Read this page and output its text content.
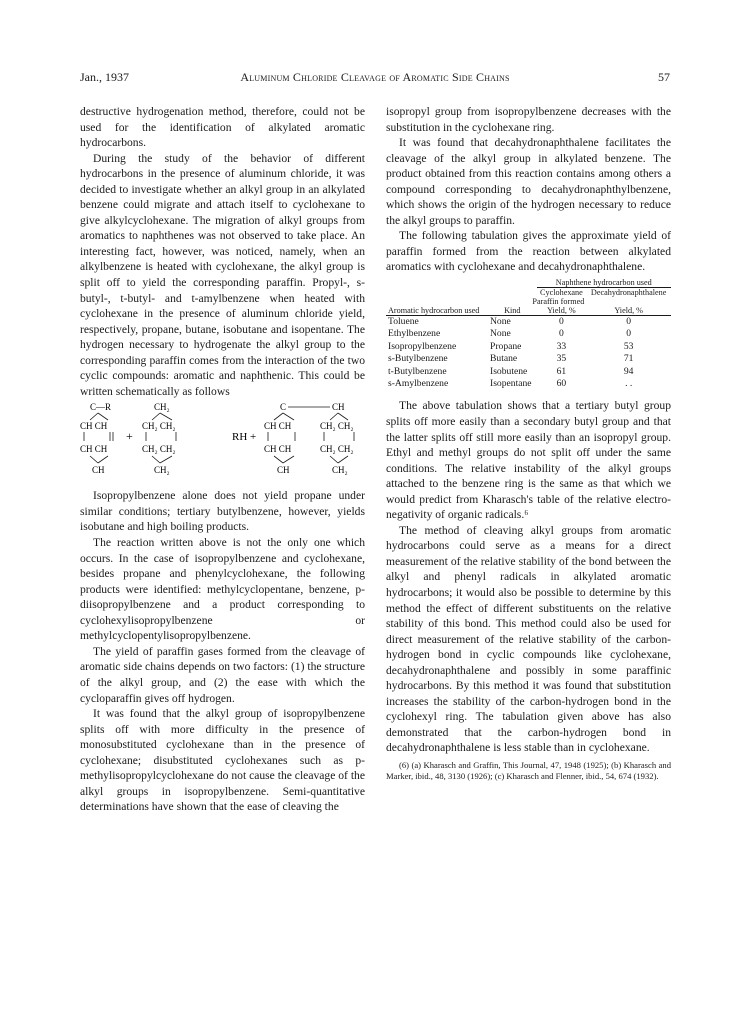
Jan., 1937	Aluminum Chloride Cleavage of Aromatic Side Chains	57

destructive hydrogenation method, therefore, could not be used for the identification of alkylated aromatic hydrocarbons.

During the study of the behavior of different hydrocarbons in the presence of aluminum chloride, it was decided to investigate whether an alkyl group in an alkylated benzene could migrate and attach itself to cyclohexane to give alkylcyclohexane. The migration of alkyl groups from aromatics to naphthenes was not observed to take place. An interesting fact, however, was noticed, namely, when an alkylbenzene is heated with cyclohexane, the alkyl group is split off to yield the corresponding paraffin. Propyl-, s-butyl-, t-butyl- and t-amylbenzene when heated with cyclohexane in the presence of aluminum chloride yield, respectively, propane, butane, isobutane and isopentane. The hydrogen necessary to hydrogenate the alkyl group to the corresponding paraffin comes from the interaction of the two cyclic compounds: aromatic and naphthenic. This could be written schematically as follows

C—R
CH CH
CH CH
CH
+
CH₂
CH₂ CH₂
CH₂ CH₂
CH₂
RH +
C
CH CH
CH CH
CH
CH
CH₂ CH₂
CH₂ CH₂
CH₂

Isopropylbenzene alone does not yield propane under similar conditions; tertiary butylbenzene, however, yields isobutane and high boiling products.

The reaction written above is not the only one which occurs. In the case of isopropylbenzene and cyclohexane, besides propane and phenylcyclohexane, the following products were identified: methylcyclopentane, benzene, p-diisopropylbenzene and a product corresponding to cyclohexylisopropylbenzene or methylcyclopentylisopropylbenzene.

The yield of paraffin gases formed from the cleavage of aromatic side chains depends on two factors: (1) the structure of the alkyl group, and (2) the ease with which the cycloparaffin gives off hydrogen.

It was found that the alkyl group of isopropylbenzene splits off with more difficulty in the presence of monosubstituted cyclohexane than in the presence of cyclohexane; disubstituted cyclohexanes such as p-methylisopropylcyclohexane do not cause the cleavage of the alkyl groups in isopropylbenzene. Semi-quantitative determinations have shown that the ease of cleaving the

isopropyl group from isopropylbenzene decreases with the substitution in the cyclohexane ring.

It was found that decahydronaphthalene facilitates the cleavage of the alkyl group in alkylated benzene. The product obtained from this reaction contains among others a compound corresponding to decahydronaphthylbenzene, which shows the origin of the hydrogen necessary to reduce the alkyl groups to paraffin.

The following tabulation gives the approximate yield of paraffin formed from the reaction between alkylated aromatics with cyclohexane and decahydronaphthalene.

		Naphthene hydrocarbon used	
		Cyclohexane	Decahydronaphthalene
Aromatic hydrocarbon used	Paraffin formed		
	Kind	Yield, %	Yield, %
Toluene	None	0	0
Ethylbenzene	None	0	0
Isopropylbenzene	Propane	33	53
s-Butylbenzene	Butane	35	71
t-Butylbenzene	Isobutene	61	94
s-Amylbenzene	Isopentane	60	. .

The above tabulation shows that a tertiary butyl group splits off more easily than a secondary butyl group and that the latter splits off still more easily than an isopropyl group. Ethyl and methyl groups do not split off under the same conditions. The relative instability of the alkyl groups attached to the benzene ring is the same as that which we would predict from Kharasch's table of the relative electro-negativity of organic radicals.⁶

The method of cleaving alkyl groups from aromatic hydrocarbons could serve as a means for a direct measurement of the relative stability of the bond between the alkyl and phenyl radicals in alkylated aromatic hydrocarbons; it would also be possible to determine by this method the effect of different substituents on the relative stability of this bond. This method could also be used for direct measurement of the relative stability of the carbon-hydrogen bond in cyclic compounds like cyclohexane, decahydronaphthalene and possibly in some paraffinic hydrocarbons. By this method it was found that substitution increases the stability of the carbon-hydrogen bond in the cyclohexyl ring. The tabulation given above has also demonstrated that the carbon-hydrogen bond in decahydronaphthalene is less stable than in cyclohexane.

(6) (a) Kharasch and Graffin, This Journal, 47, 1948 (1925); (b) Kharasch and Marker, ibid., 48, 3130 (1926); (c) Kharasch and Flenner, ibid., 54, 674 (1932).
